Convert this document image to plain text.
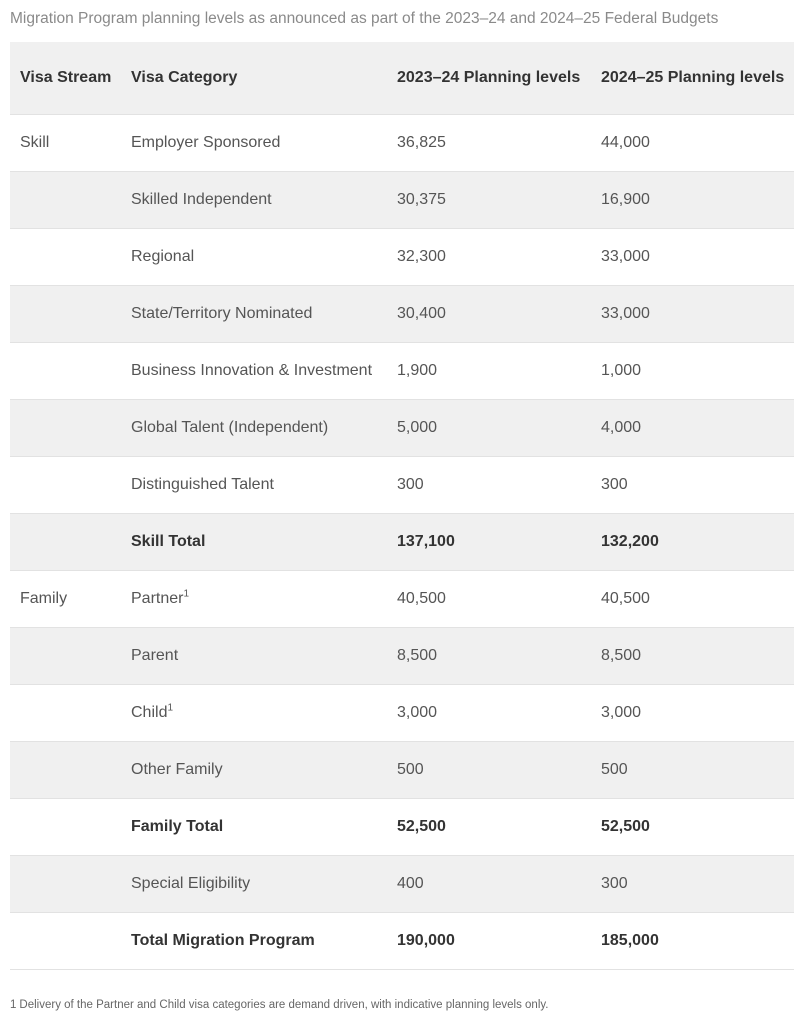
Migration Program planning levels as announced as part of the 2023–24 and 2024–25 Federal Budgets
Visa Stream	Visa Category	2023–24 Planning levels	2024–25 Planning levels
Skill	Employer Sponsored	36,825	44,000
	Skilled Independent	30,375	16,900
	Regional	32,300	33,000
	State/Territory Nominated	30,400	33,000
	Business Innovation & Investment	1,900	1,000
	Global Talent (Independent)	5,000	4,000
	Distinguished Talent	300	300
	Skill Total	137,100	132,200
Family	Partner$^1$	40,500	40,500
	Parent	8,500	8,500
	Child$^1$	3,000	3,000
	Other Family	500	500
	Family Total	52,500	52,500
	Special Eligibility	400	300
	Total Migration Program	190,000	185,000
1 Delivery of the Partner and Child visa categories are demand driven, with indicative planning levels only.
